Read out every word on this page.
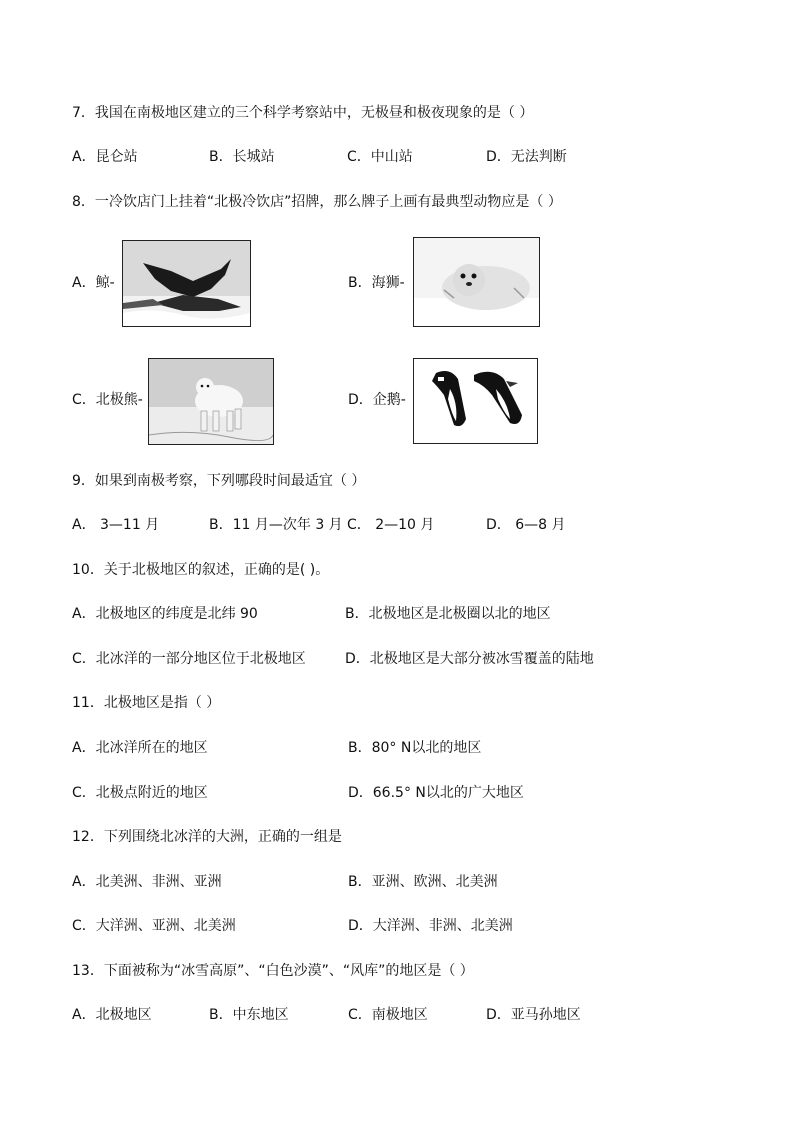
7．我国在南极地区建立的三个科学考察站中，无极昼和极夜现象的是（ ）
A．昆仑站	B．长城站	C．中山站	D．无法判断
8．一冷饮店门上挂着“北极冷饮店”招牌，那么牌子上画有最典型动物应是（ ）
A．鲸-	B．海狮-
C．北极熊-	D．企鹅-
9．如果到南极考察，下列哪段时间最适宜（ ）
A． 3—11 月	B．11 月—次年 3 月 C． 2—10 月	D． 6—8 月
10．关于北极地区的叙述，正确的是( )。
A．北极地区的纬度是北纬 90	B．北极地区是北极圈以北的地区
C．北冰洋的一部分地区位于北极地区	D．北极地区是大部分被冰雪覆盖的陆地
11．北极地区是指（ ）
A．北冰洋所在的地区	B．80° N以北的地区
C．北极点附近的地区	D．66.5° N以北的广大地区
12．下列围绕北冰洋的大洲，正确的一组是
A．北美洲、非洲、亚洲	B．亚洲、欧洲、北美洲
C．大洋洲、亚洲、北美洲	D．大洋洲、非洲、北美洲
13．下面被称为“冰雪高原”、“白色沙漠”、“风库”的地区是（ ）
A．北极地区	B．中东地区	C．南极地区	D．亚马孙地区
